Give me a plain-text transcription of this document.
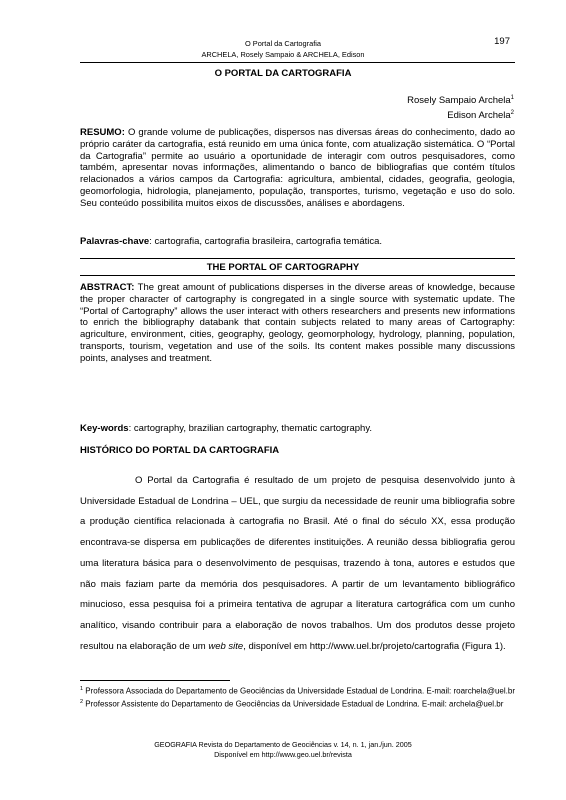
O Portal da Cartografia
ARCHELA, Rosely Sampaio & ARCHELA, Edison
197
O PORTAL DA CARTOGRAFIA
Rosely Sampaio Archela$^1$
Edison Archela$^2$
RESUMO: O grande volume de publicações, dispersos nas diversas áreas do conhecimento, dado ao próprio caráter da cartografia, está reunido em uma única fonte, com atualização sistemática. O “Portal da Cartografia” permite ao usuário a oportunidade de interagir com outros pesquisadores, como também, apresentar novas informações, alimentando o banco de bibliografias que contém títulos relacionados a vários campos da Cartografia: agricultura, ambiental, cidades, geografia, geologia, geomorfologia, hidrologia, planejamento, população, transportes, turismo, vegetação e uso do solo. Seu conteúdo possibilita muitos eixos de discussões, análises e abordagens.
Palavras-chave: cartografia, cartografia brasileira, cartografia temática.
THE PORTAL OF CARTOGRAPHY
ABSTRACT: The great amount of publications disperses in the diverse areas of knowledge, because the proper character of cartography is congregated in a single source with systematic update. The “Portal of Cartography” allows the user interact with others researchers and presents new informations to enrich the bibliography databank that contain subjects related to many areas of Cartography: agriculture, environment, cities, geography, geology, geomorphology, hydrology, planning, population, transports, tourism, vegetation and use of the soils. Its content makes possible many discussions points, analyses and treatment.
Key-words: cartography, brazilian cartography, thematic cartography.
HISTÓRICO DO PORTAL DA CARTOGRAFIA
O Portal da Cartografia é resultado de um projeto de pesquisa desenvolvido junto à Universidade Estadual de Londrina – UEL, que surgiu da necessidade de reunir uma bibliografia sobre a produção científica relacionada à cartografia no Brasil. Até o final do século XX, essa produção encontrava-se dispersa em publicações de diferentes instituições. A reunião dessa bibliografia gerou uma literatura básica para o desenvolvimento de pesquisas, trazendo à tona, autores e estudos que não mais faziam parte da memória dos pesquisadores. A partir de um levantamento bibliográfico minucioso, essa pesquisa foi a primeira tentativa de agrupar a literatura cartográfica com um cunho analítico, visando contribuir para a elaboração de novos trabalhos. Um dos produtos desse projeto resultou na elaboração de um web site, disponível em http://www.uel.br/projeto/cartografia (Figura 1).
$^1$ Professora Associada do Departamento de Geociências da Universidade Estadual de Londrina. E-mail: roarchela@uel.br
$^2$ Professor Assistente do Departamento de Geociências da Universidade Estadual de Londrina. E-mail: archela@uel.br
GEOGRAFIA Revista do Departamento de Geociências v. 14, n. 1, jan./jun. 2005
Disponível em http://www.geo.uel.br/revista
